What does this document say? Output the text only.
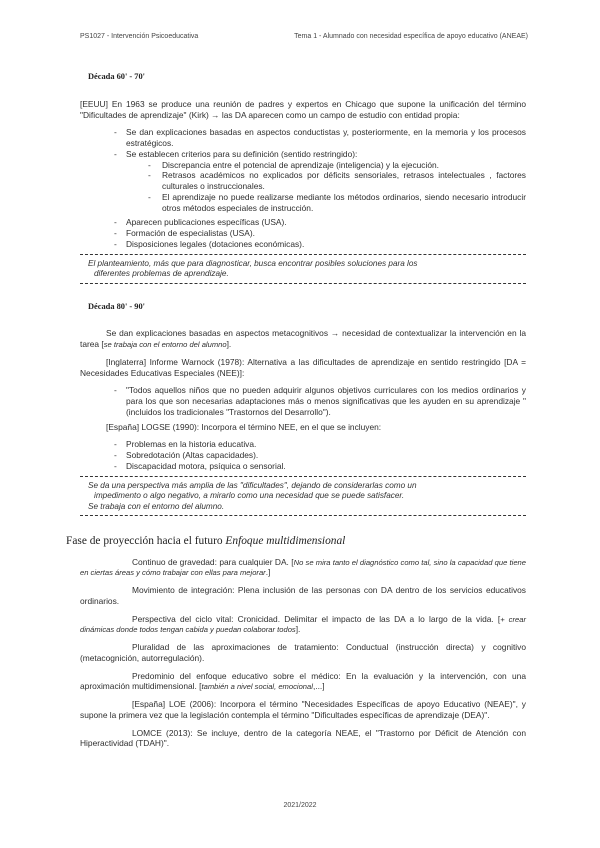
PS1027 - Intervención Psicoeducativa	Tema 1 - Alumnado con necesidad específica de apoyo educativo (ANEAE)
Década 60' - 70'

[EEUU] En 1963 se produce una reunión de padres y expertos en Chicago que supone la unificación del término "Dificultades de aprendizaje" (Kirk) → las DA aparecen como un campo de estudio con entidad propia:

- Se dan explicaciones basadas en aspectos conductistas y, posteriormente, en la memoria y los procesos estratégicos.
- Se establecen criterios para su definición (sentido restringido):
- Discrepancia entre el potencial de aprendizaje (inteligencia) y la ejecución.
- Retrasos académicos no explicados por déficits sensoriales, retrasos intelectuales , factores culturales o instruccionales.
- El aprendizaje no puede realizarse mediante los métodos ordinarios, siendo necesario introducir otros métodos especiales de instrucción.
- Aparecen publicaciones específicas (USA).
- Formación de especialistas (USA).
- Disposiciones legales (dotaciones económicas).
El planteamiento, más que para diagnosticar, busca encontrar posibles soluciones para los
diferentes problemas de aprendizaje.
Década 80' - 90'

Se dan explicaciones basadas en aspectos metacognitivos → necesidad de contextualizar la intervención en la tarea [se trabaja con el entorno del alumno].

[Inglaterra] Informe Warnock (1978): Alternativa a las dificultades de aprendizaje en sentido restringido [DA = Necesidades Educativas Especiales (NEE)]:

- "Todos aquellos niños que no pueden adquirir algunos objetivos curriculares con los medios ordinarios y para los que son necesarias adaptaciones más o menos significativas que les ayuden en su aprendizaje " (incluidos los tradicionales "Trastornos del Desarrollo").

[España] LOGSE (1990): Incorpora el término NEE, en el que se incluyen:

- Problemas en la historia educativa.
- Sobredotación (Altas capacidades).
- Discapacidad motora, psíquica o sensorial.
Se da una perspectiva más amplia de las "dificultades", dejando de considerarlas como un
impedimento o algo negativo, a mirarlo como una necesidad que se puede satisfacer.
Se trabaja con el entorno del alumno.
Fase de proyección hacia el futuro Enfoque multidimensional

Continuo de gravedad: para cualquier DA. [No se mira tanto el diagnóstico como tal, sino la capacidad que tiene en ciertas áreas y cómo trabajar con ellas para mejorar.]

Movimiento de integración: Plena inclusión de las personas con DA dentro de los servicios educativos ordinarios.

Perspectiva del ciclo vital: Cronicidad. Delimitar el impacto de las DA a lo largo de la vida. [+ crear dinámicas donde todos tengan cabida y puedan colaborar todos].

Pluralidad de las aproximaciones de tratamiento: Conductual (instrucción directa) y cognitivo (metacognición, autorregulación).

Predominio del enfoque educativo sobre el médico: En la evaluación y la intervención, con una aproximación multidimensional. [también a nivel social, emocional,...]

[España] LOE (2006): Incorpora el término "Necesidades Específicas de apoyo Educativo (NEAE)", y supone la primera vez que la legislación contempla el término "Dificultades específicas de aprendizaje (DEA)".

LOMCE (2013): Se incluye, dentro de la categoría NEAE, el "Trastorno por Déficit de Atención con Hiperactividad (TDAH)".

2021/2022
